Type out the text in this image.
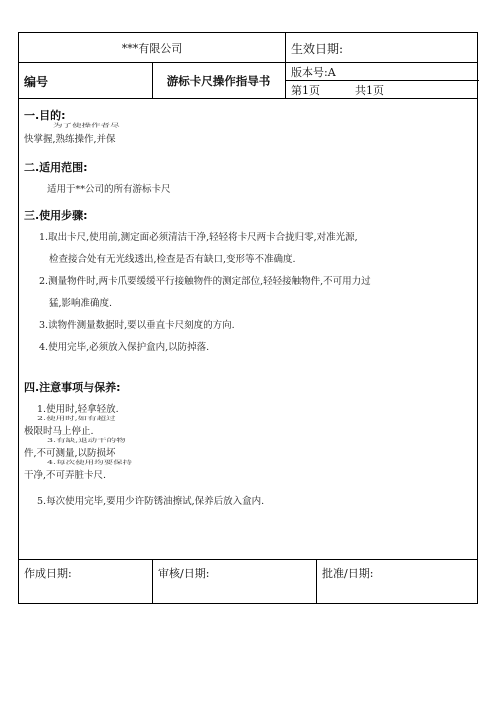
***有限公司	生效日期:
编号	游标卡尺操作指导书
版本号:A
第1页	共1页
一.目的:
为了使操作者尽
快掌握,熟练操作,并保
二.适用范围:
适用于**公司的所有游标卡尺
三.使用步骤:
1.取出卡尺,使用前,测定面必须清洁干净,轻轻将卡尺两卡合拢归零,对准光源,
检查接合处有无光线透出,检查是否有缺口,变形等不准确度.
2.测量物件时,两卡爪要缓缓平行接触物件的测定部位,轻轻接触物件,不可用力过
猛,影响准确度.
3.读物件测量数据时,要以垂直卡尺刻度的方向.
4.使用完毕,必须放入保护盒内,以防掉落.
四.注意事项与保养:
1.使用时,轻拿轻放.
2.使用时,如有超过
极限时马上停止.
3.有缺,退动干的物
件,不可测量,以防损坏
4.每次使用均要保持
干净,不可弄脏卡尺.
5.每次使用完毕,要用少许防锈油擦试,保养后放入盒内.
作成日期:	审核/日期:	批准/日期:
